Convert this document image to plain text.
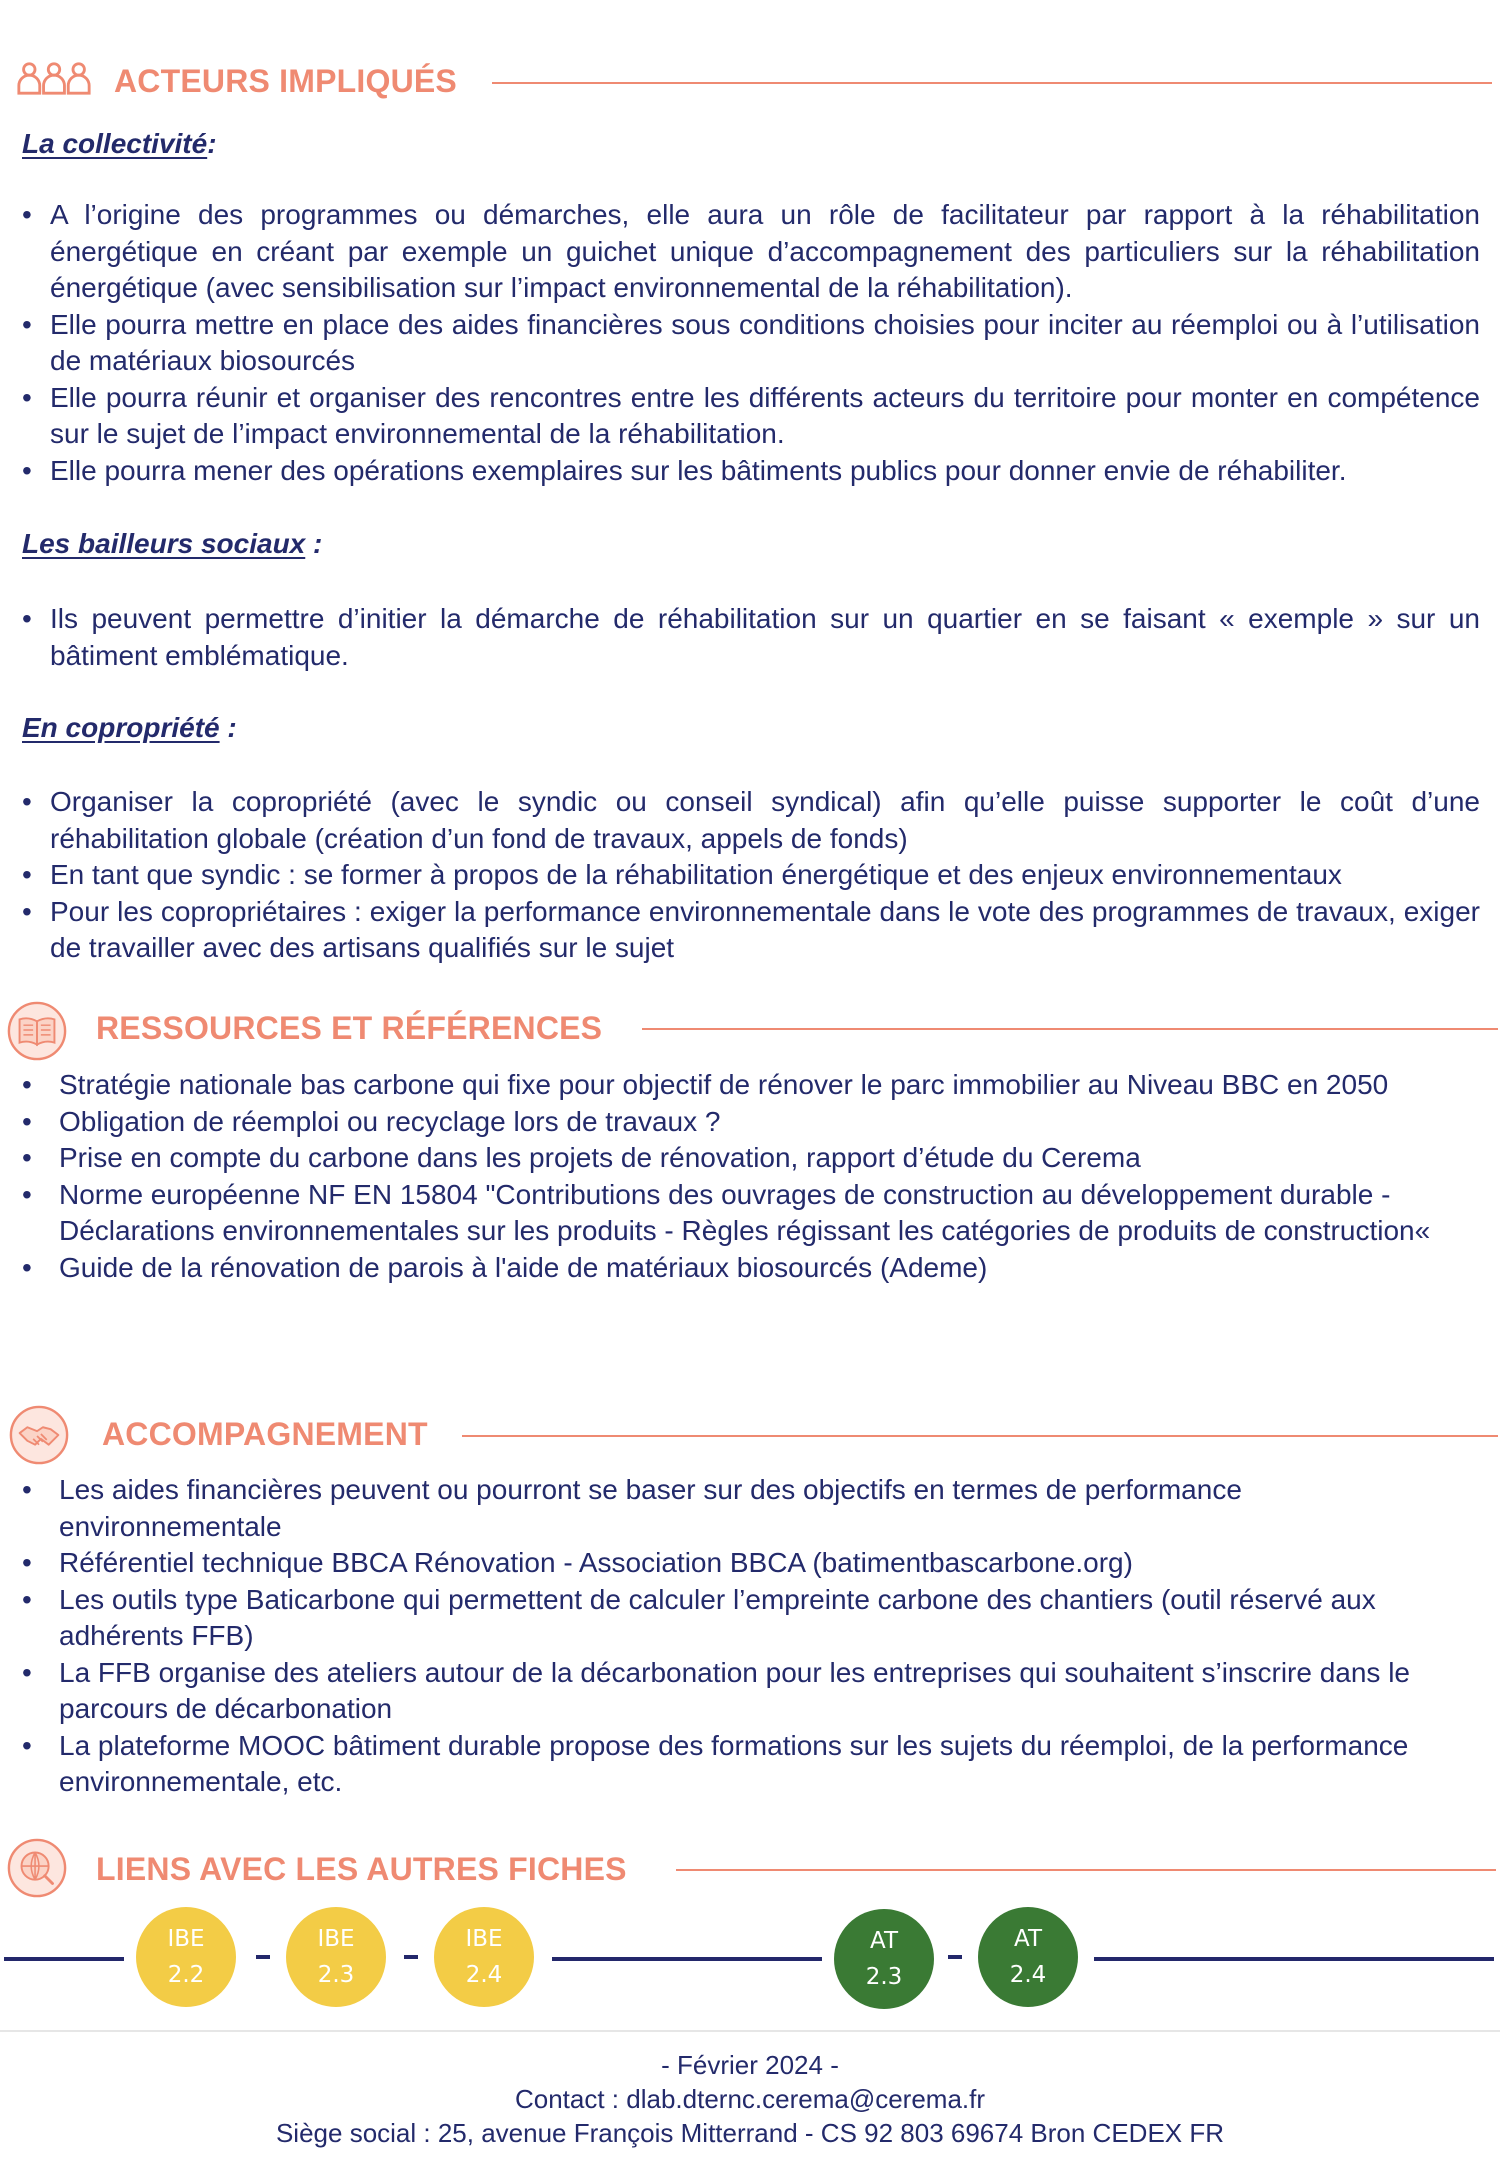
ACTEURS IMPLIQUÉS
La collectivité:
• A l’origine des programmes ou démarches, elle aura un rôle de facilitateur par rapport à la réhabilitation énergétique en créant par exemple un guichet unique d’accompagnement des particuliers sur la réhabilitation énergétique (avec sensibilisation sur l’impact environnemental de la réhabilitation).
• Elle pourra mettre en place des aides financières sous conditions choisies pour inciter au réemploi ou à l’utilisation de matériaux biosourcés
• Elle pourra réunir et organiser des rencontres entre les différents acteurs du territoire pour monter en compétence sur le sujet de l’impact environnemental de la réhabilitation.
• Elle pourra mener des opérations exemplaires sur les bâtiments publics pour donner envie de réhabiliter.
Les bailleurs sociaux :
• Ils peuvent permettre d’initier la démarche de réhabilitation sur un quartier en se faisant « exemple » sur un bâtiment emblématique.
En copropriété :
• Organiser la copropriété (avec le syndic ou conseil syndical) afin qu’elle puisse supporter le coût d’une réhabilitation globale (création d’un fond de travaux, appels de fonds)
• En tant que syndic : se former à propos de la réhabilitation énergétique et des enjeux environnementaux
• Pour les copropriétaires : exiger la performance environnementale dans le vote des programmes de travaux, exiger de travailler avec des artisans qualifiés sur le sujet
RESSOURCES ET RÉFÉRENCES
• Stratégie nationale bas carbone qui fixe pour objectif de rénover le parc immobilier au Niveau BBC en 2050
• Obligation de réemploi ou recyclage lors de travaux ?
• Prise en compte du carbone dans les projets de rénovation, rapport d’étude du Cerema
• Norme européenne NF EN 15804 "Contributions des ouvrages de construction au développement durable - Déclarations environnementales sur les produits - Règles régissant les catégories de produits de construction«
• Guide de la rénovation de parois à l'aide de matériaux biosourcés (Ademe)
ACCOMPAGNEMENT
• Les aides financières peuvent ou pourront se baser sur des objectifs en termes de performance environnementale
• Référentiel technique BBCA Rénovation - Association BBCA (batimentbascarbone.org)
• Les outils type Baticarbone qui permettent de calculer l’empreinte carbone des chantiers (outil réservé aux adhérents FFB)
• La FFB organise des ateliers autour de la décarbonation pour les entreprises qui souhaitent s’inscrire dans le parcours de décarbonation
• La plateforme MOOC bâtiment durable propose des formations sur les sujets du réemploi, de la performance environnementale, etc.
LIENS AVEC LES AUTRES FICHES
IBE
2.2
IBE
2.3
IBE
2.4
AT
2.3
AT
2.4
- Février 2024 -
Contact : dlab.dternc.cerema@cerema.fr
Siège social : 25, avenue François Mitterrand - CS 92 803 69674 Bron CEDEX FR
